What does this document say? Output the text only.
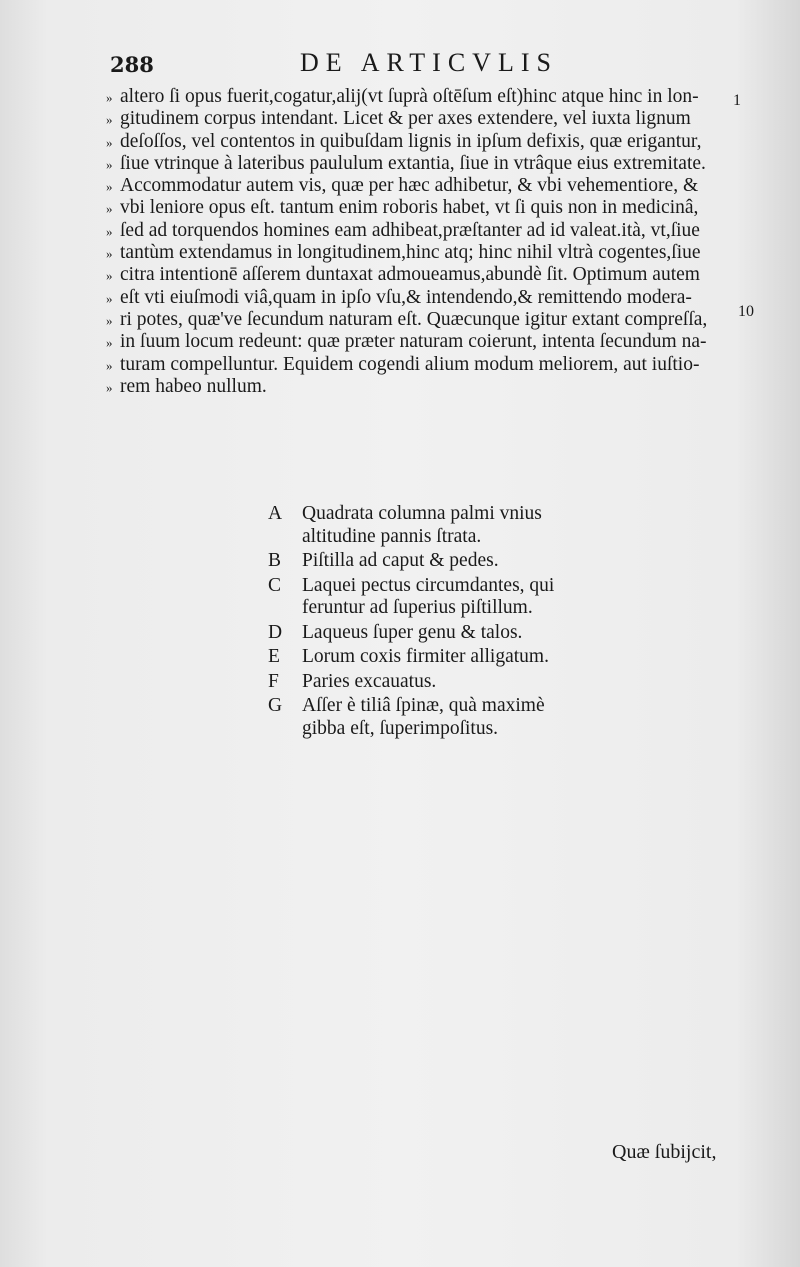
288	DE ARTICVLIS
» altero ſi opus fuerit,cogatur,alij(vt ſuprà oſtēſum eſt)hinc atque hinc in lon-
» gitudinem corpus intendant. Licet & per axes extendere, vel iuxta lignum
» deſoſſos, vel contentos in quibuſdam lignis in ipſum defixis, quæ erigantur,
» ſiue vtrinque à lateribus paululum extantia, ſiue in vtrâque eius extremitate.
» Accommodatur autem vis, quæ per hæc adhibetur, & vbi vehementiore, &
» vbi leniore opus eſt. tantum enim roboris habet, vt ſi quis non in medicinâ,
» ſed ad torquendos homines eam adhibeat,præſtanter ad id valeat.ità, vt,ſiue
» tantùm extendamus in longitudinem,hinc atq; hinc nihil vltrà cogentes,ſiue
» citra intentionē aſſerem duntaxat admoueamus,abundè ſit. Optimum autem
» eſt vti eiuſmodi viâ,quam in ipſo vſu,& intendendo,& remittendo modera-
» ri potes, quæ've ſecundum naturam eſt. Quæcunque igitur extant compreſſa,
» in ſuum locum redeunt: quæ præter naturam coierunt, intenta ſecundum na-
» turam compelluntur. Equidem cogendi alium modum meliorem, aut iuſtio-
» rem habeo nullum.
1
10
A	Quadrata columna palmi vnius
altitudine pannis ſtrata.
B	Piſtilla ad caput & pedes.
C	Laquei pectus circumdantes, qui
feruntur ad ſuperius piſtillum.
D	Laqueus ſuper genu & talos.
E	Lorum coxis firmiter alligatum.
F	Paries excauatus.
G	Aſſer è tiliâ ſpinæ, quà maximè
gibba eſt, ſuperimpoſitus.
Quæ ſubijcit,
